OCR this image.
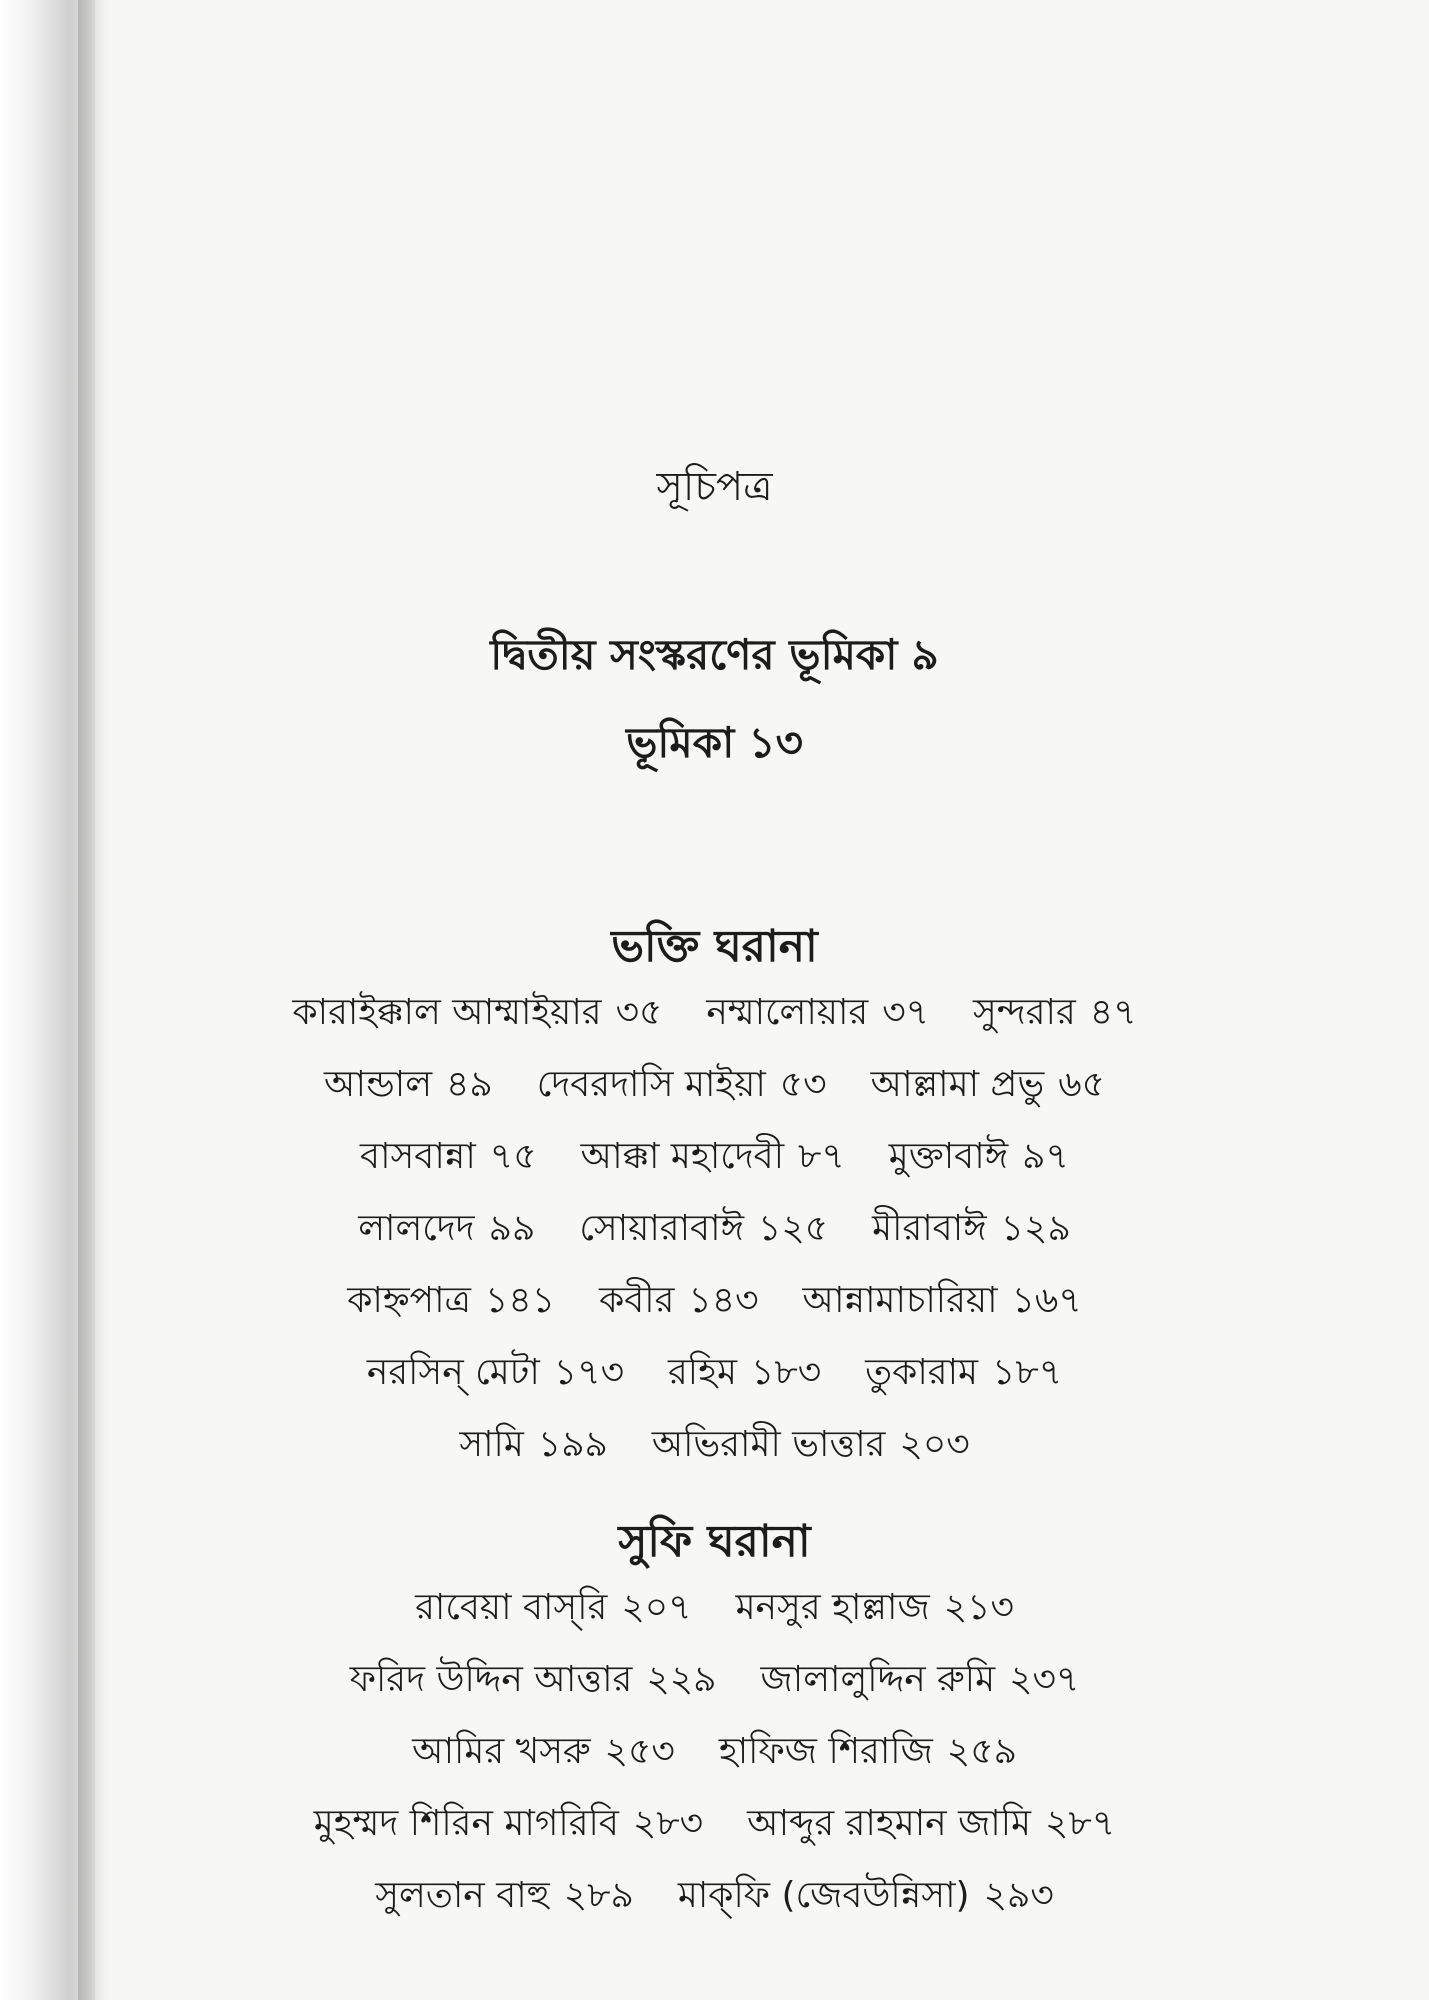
সূচিপত্র
দ্বিতীয় সংস্করণের ভূমিকা ৯
ভূমিকা ১৩
ভক্তি ঘরানা
কারাইক্কাল আম্মাইয়ার ৩৫ নম্মালোয়ার ৩৭ সুন্দরার ৪৭
আন্ডাল ৪৯ দেবরদাসি মাইয়া ৫৩ আল্লামা প্রভু ৬৫
বাসবান্না ৭৫ আক্কা মহাদেবী ৮৭ মুক্তাবাঈ ৯৭
লালদেদ ৯৯ সোয়ারাবাঈ ১২৫ মীরাবাঈ ১২৯
কাহ্নপাত্র ১৪১ কবীর ১৪৩ আন্নামাচারিয়া ১৬৭
নরসিন্ মেটা ১৭৩ রহিম ১৮৩ তুকারাম ১৮৭
সামি ১৯৯ অভিরামী ভাত্তার ২০৩
সুফি ঘরানা
রাবেয়া বাস্‌রি ২০৭ মনসুর হাল্লাজ ২১৩
ফরিদ উদ্দিন আত্তার ২২৯ জালালুদ্দিন রুমি ২৩৭
আমির খসরু ২৫৩ হাফিজ শিরাজি ২৫৯
মুহম্মদ শিরিন মাগরিবি ২৮৩ আব্দুর রাহমান জামি ২৮৭
সুলতান বাহু ২৮৯ মাক্‌ফি (জেবউন্নিসা) ২৯৩
